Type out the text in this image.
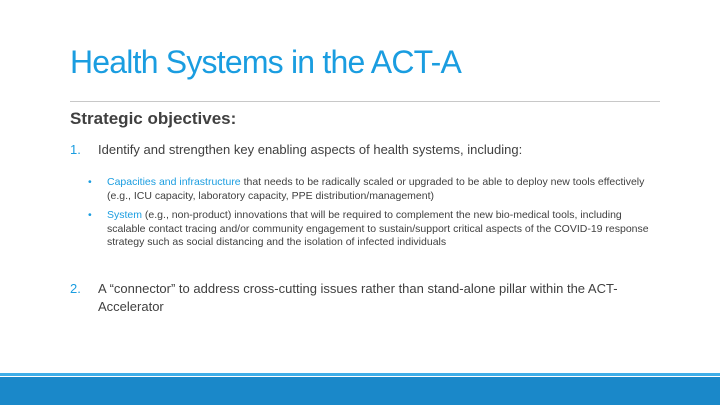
Health Systems in the ACT-A
Strategic objectives:
1. Identify and strengthen key enabling aspects of health systems, including:
• Capacities and infrastructure that needs to be radically scaled or upgraded to be able to deploy new tools effectively (e.g., ICU capacity, laboratory capacity, PPE distribution/management)
• System (e.g., non-product) innovations that will be required to complement the new bio-medical tools, including scalable contact tracing and/or community engagement to sustain/support critical aspects of the COVID-19 response strategy such as social distancing and the isolation of infected individuals
2. A “connector” to address cross-cutting issues rather than stand-alone pillar within the ACT-Accelerator
